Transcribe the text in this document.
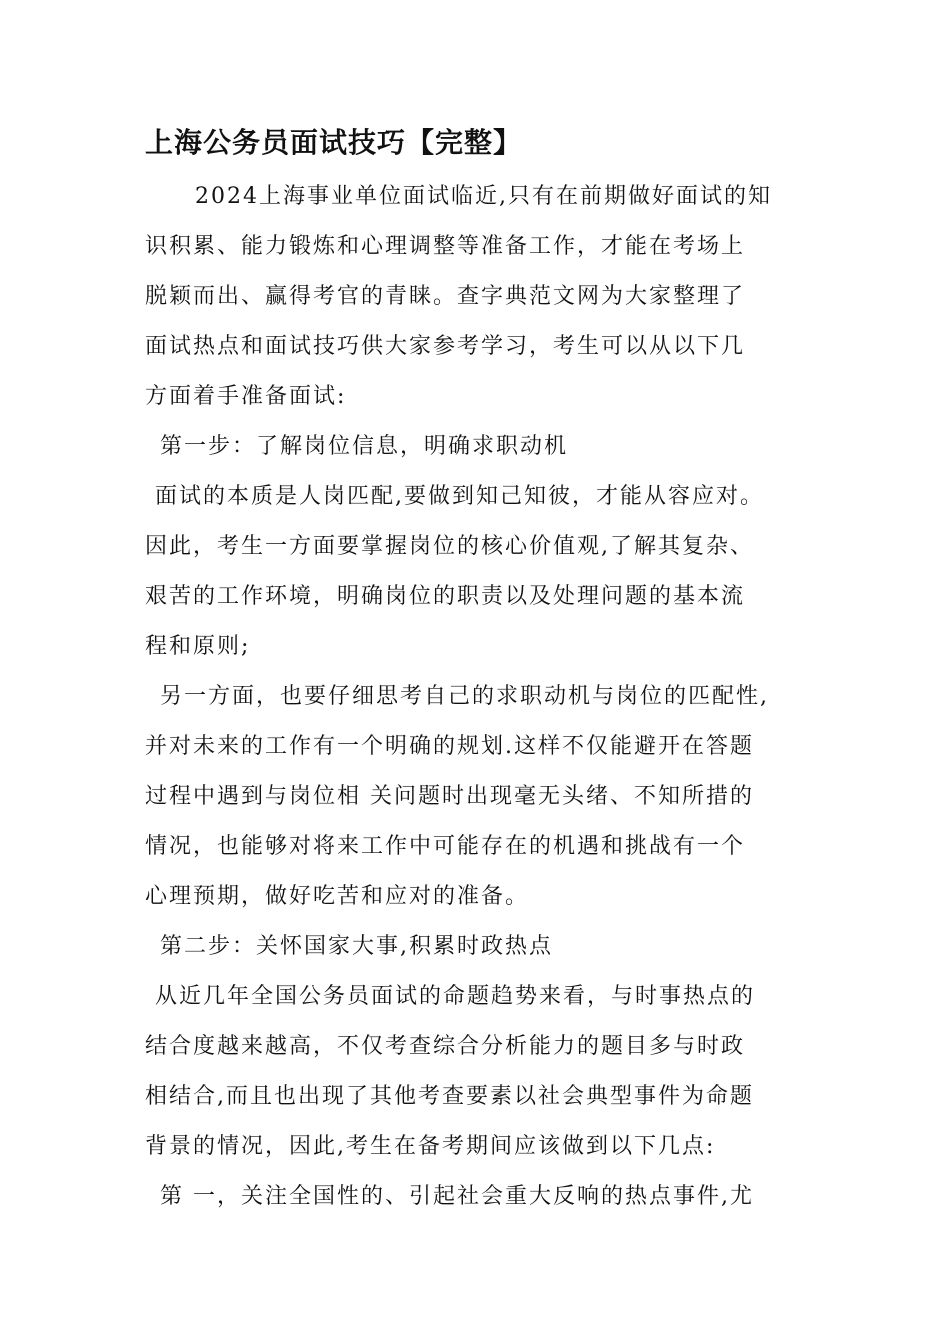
上海公务员面试技巧【完整】

2024上海事业单位面试临近,只有在前期做好面试的知

识积累、能力锻炼和心理调整等准备工作，才能在考场上

脱颖而出、赢得考官的青睐。查字典范文网为大家整理了

面试热点和面试技巧供大家参考学习，考生可以从以下几

方面着手准备面试:

第一步：了解岗位信息，明确求职动机

面试的本质是人岗匹配,要做到知己知彼，才能从容应对。

因此，考生一方面要掌握岗位的核心价值观,了解其复杂、

艰苦的工作环境，明确岗位的职责以及处理问题的基本流

程和原则;

另一方面，也要仔细思考自己的求职动机与岗位的匹配性,

并对未来的工作有一个明确的规划.这样不仅能避开在答题

过程中遇到与岗位相 关问题时出现毫无头绪、不知所措的

情况，也能够对将来工作中可能存在的机遇和挑战有一个

心理预期，做好吃苦和应对的准备。

第二步：关怀国家大事,积累时政热点

从近几年全国公务员面试的命题趋势来看，与时事热点的

结合度越来越高，不仅考查综合分析能力的题目多与时政

相结合,而且也出现了其他考查要素以社会典型事件为命题

背景的情况，因此,考生在备考期间应该做到以下几点:

第 一，关注全国性的、引起社会重大反响的热点事件,尤
